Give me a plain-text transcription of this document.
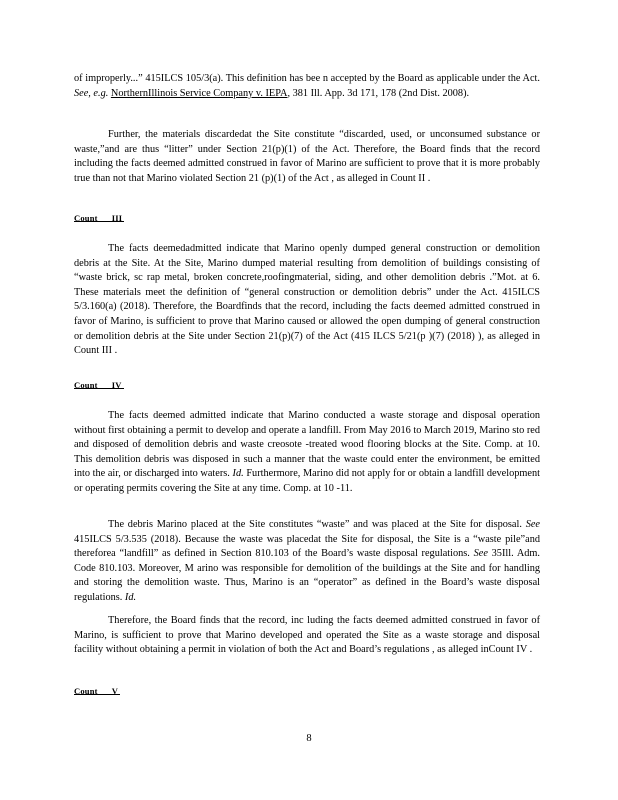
of improperly...” 415ILCS 105/3(a). This definition has bee n accepted by the Board as applicable under the Act. See, e.g. NorthernIllinois Service Company v. IEPA, 381 Ill. App. 3d 171, 178 (2nd Dist. 2008).

Further, the materials discardedat the Site constitute “discarded, used, or unconsumed substance or waste,”and are thus “litter” under Section 21(p)(1) of the Act. Therefore, the Board finds that the record including the facts deemed admitted construed in favor of Marino are sufficient to prove that it is more probably true than not that Marino violated Section 21 (p)(1) of the Act , as alleged in Count II .

Count III

The facts deemedadmitted indicate that Marino openly dumped general construction or demolition debris at the Site. At the Site, Marino dumped material resulting from demolition of buildings consisting of “waste brick, sc rap metal, broken concrete,roofingmaterial, siding, and other demolition debris .”Mot. at 6. These materials meet the definition of “general construction or demolition debris” under the Act. 415ILCS 5/3.160(a) (2018). Therefore, the Boardfinds that the record, including the facts deemed admitted construed in favor of Marino, is sufficient to prove that Marino caused or allowed the open dumping of general construction or demolition debris at the Site under Section 21(p)(7) of the Act (415 ILCS 5/21(p )(7) (2018) ), as alleged in Count III .

Count IV

The facts deemed admitted indicate that Marino conducted a waste storage and disposal operation without first obtaining a permit to develop and operate a landfill. From May 2016 to March 2019, Marino sto red and disposed of demolition debris and waste creosote -treated wood flooring blocks at the Site. Comp. at 10. This demolition debris was disposed in such a manner that the waste could enter the environment, be emitted into the air, or discharged into waters. Id. Furthermore, Marino did not apply for or obtain a landfill development or operating permits covering the Site at any time. Comp. at 10 -11.

The debris Marino placed at the Site constitutes “waste” and was placed at the Site for disposal. See 415ILCS 5/3.535 (2018). Because the waste was placedat the Site for disposal, the Site is a “waste pile”and thereforea “landfill” as defined in Section 810.103 of the Board’s waste disposal regulations. See 35Ill. Adm. Code 810.103. Moreover, M arino was responsible for demolition of the buildings at the Site and for handling and storing the demolition waste. Thus, Marino is an “operator” as defined in the Board’s waste disposal regulations. Id.

Therefore, the Board finds that the record, inc luding the facts deemed admitted construed in favor of Marino, is sufficient to prove that Marino developed and operated the Site as a waste storage and disposal facility without obtaining a permit in violation of both the Act and Board’s regulations , as alleged inCount IV .

Count V
8
